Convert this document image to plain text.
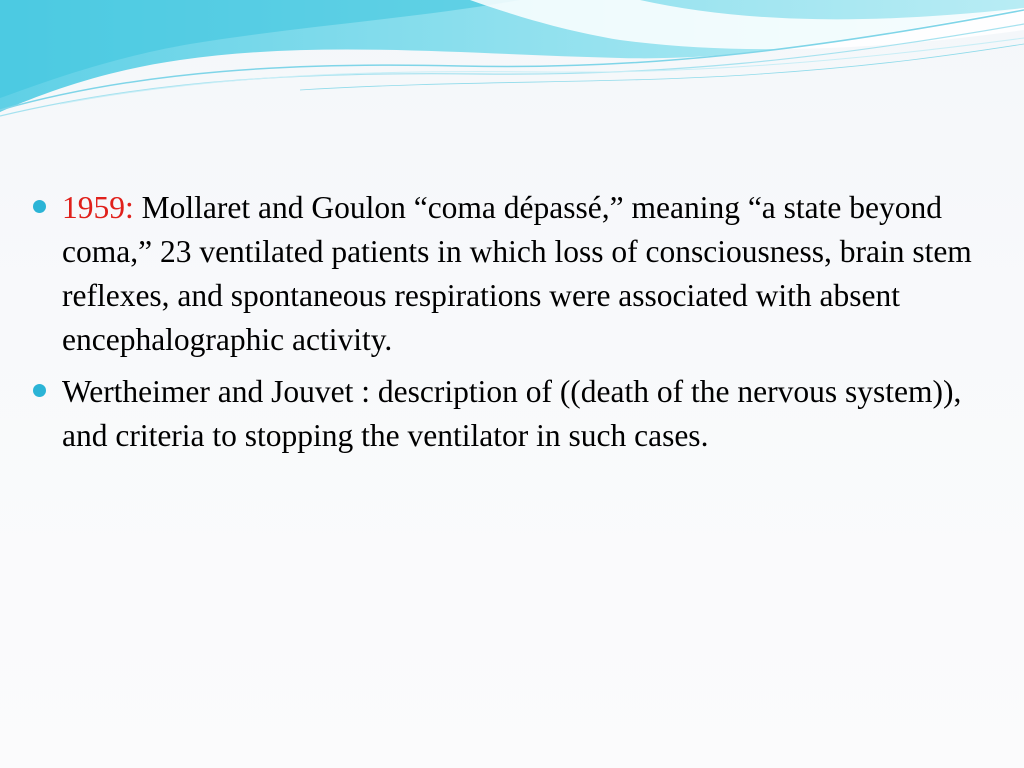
1959: Mollaret and Goulon “coma dépassé,” meaning “a state beyond coma,” 23 ventilated patients in which loss of consciousness, brain stem reflexes, and spontaneous respirations were associated with absent encephalographic activity.
Wertheimer and Jouvet : description of ((death of the nervous system)), and criteria to stopping the ventilator in such cases.
